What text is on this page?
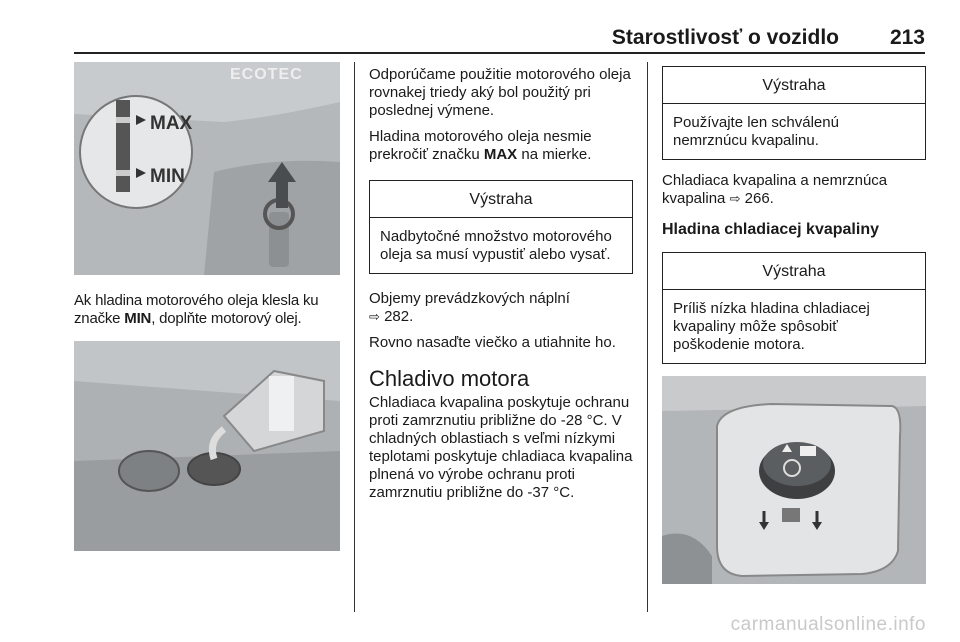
Starostlivosť o vozidlo 213
ECOTEC
MAX
MIN

Ak hladina motorového oleja klesla ku značke MIN, doplňte motorový olej.

Odporúčame použitie motorového oleja rovnakej triedy aký bol použitý pri poslednej výmene.

Hladina motorového oleja nesmie prekročiť značku MAX na mierke.

Výstraha
Nadbytočné množstvo motorového oleja sa musí vypustiť alebo vysať.

Objemy prevádzkových náplní
⇨ 282.

Rovno nasaďte viečko a utiahnite ho.

Chladivo motora

Chladiaca kvapalina poskytuje ochranu proti zamrznutiu približne do -28 °C. V chladných oblastiach s veľmi nízkymi teplotami poskytuje chladiaca kvapalina plnená vo výrobe ochranu proti zamrznutiu približne do -37 °C.

Výstraha
Používajte len schválenú nemrznúcu kvapalinu.

Chladiaca kvapalina a nemrznúca kvapalina ⇨ 266.

Hladina chladiacej kvapaliny
Výstraha
Príliš nízka hladina chladiacej kvapaliny môže spôsobiť poškodenie motora.
carmanualsonline.info
